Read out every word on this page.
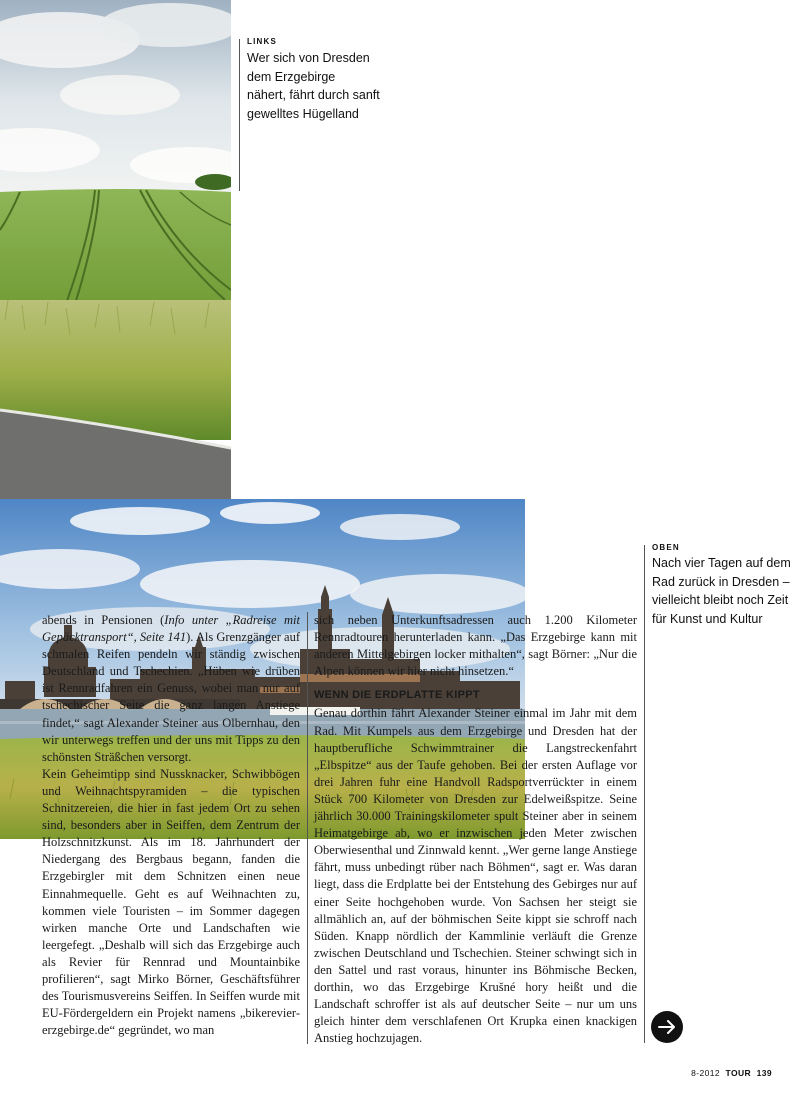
LINKS
Wer sich von Dresden
dem Erzgebirge
nähert, fährt durch sanft
gewelltes Hügelland
OBEN
Nach vier Tagen auf dem
Rad zurück in Dresden –
vielleicht bleibt noch Zeit
für Kunst und Kultur

abends in Pensionen (Info unter „Radreise mit Gepäcktransport“, Seite 141). Als Grenzgänger auf schmalen Reifen pendeln wir ständig zwischen Deutschland und Tschechien. „Hüben wie drüben ist Rennradfahren ein Genuss, wobei man nur auf tschechischer Seite die ganz langen Anstiege findet,“ sagt Alexander Steiner aus Olbernhau, den wir unterwegs treffen und der uns mit Tipps zu den schönsten Sträßchen versorgt.

Kein Geheimtipp sind Nussknacker, Schwibbögen und Weihnachtspyramiden – die typischen Schnitzereien, die hier in fast jedem Ort zu sehen sind, besonders aber in Seiffen, dem Zentrum der Holzschnitzkunst. Als im 18. Jahrhundert der Niedergang des Bergbaus begann, fanden die Erzgebirgler mit dem Schnitzen einen neue Einnahmequelle. Geht es auf Weihnachten zu, kommen viele Touristen – im Sommer dagegen wirken manche Orte und Landschaften wie leergefegt. „Deshalb will sich das Erzgebirge auch als Revier für Rennrad und Mountainbike profilieren“, sagt Mirko Börner, Geschäftsführer des Tourismusvereins Seiffen. In Seiffen wurde mit EU-Fördergeldern ein Projekt namens „bikerevier-erzgebirge.de“ gegründet, wo man

sich neben Unterkunftsadressen auch 1.200 Kilometer Rennradtouren herunterladen kann. „Das Erzgebirge kann mit anderen Mittelgebirgen locker mithalten“, sagt Börner: „Nur die Alpen können wir hier nicht hinsetzen.“

WENN DIE ERDPLATTE KIPPT

Genau dorthin fährt Alexander Steiner einmal im Jahr mit dem Rad. Mit Kumpels aus dem Erzgebirge und Dresden hat der hauptberufliche Schwimmtrainer die Langstreckenfahrt „Elbspitze“ aus der Taufe gehoben. Bei der ersten Auflage vor drei Jahren fuhr eine Handvoll Radsportverrückter in einem Stück 700 Kilometer von Dresden zur Edelweißspitze. Seine jährlich 30.000 Trainingskilometer spult Steiner aber in seinem Heimatgebirge ab, wo er inzwischen jeden Meter zwischen Oberwiesenthal und Zinnwald kennt. „Wer gerne lange Anstiege fährt, muss unbedingt rüber nach Böhmen“, sagt er. Was daran liegt, dass die Erdplatte bei der Entstehung des Gebirges nur auf einer Seite hochgehoben wurde. Von Sachsen her steigt sie allmählich an, auf der böhmischen Seite kippt sie schroff nach Süden. Knapp nördlich der Kammlinie verläuft die Grenze zwischen Deutschland und Tschechien. Steiner schwingt sich in den Sattel und rast voraus, hinunter ins Böhmische Becken, dorthin, wo das Erzgebirge Krušné hory heißt und die Landschaft schroffer ist als auf deutscher Seite – nur um uns gleich hinter dem verschlafenen Ort Krupka einen knackigen Anstieg hochzujagen.

8-2012 TOUR 139
